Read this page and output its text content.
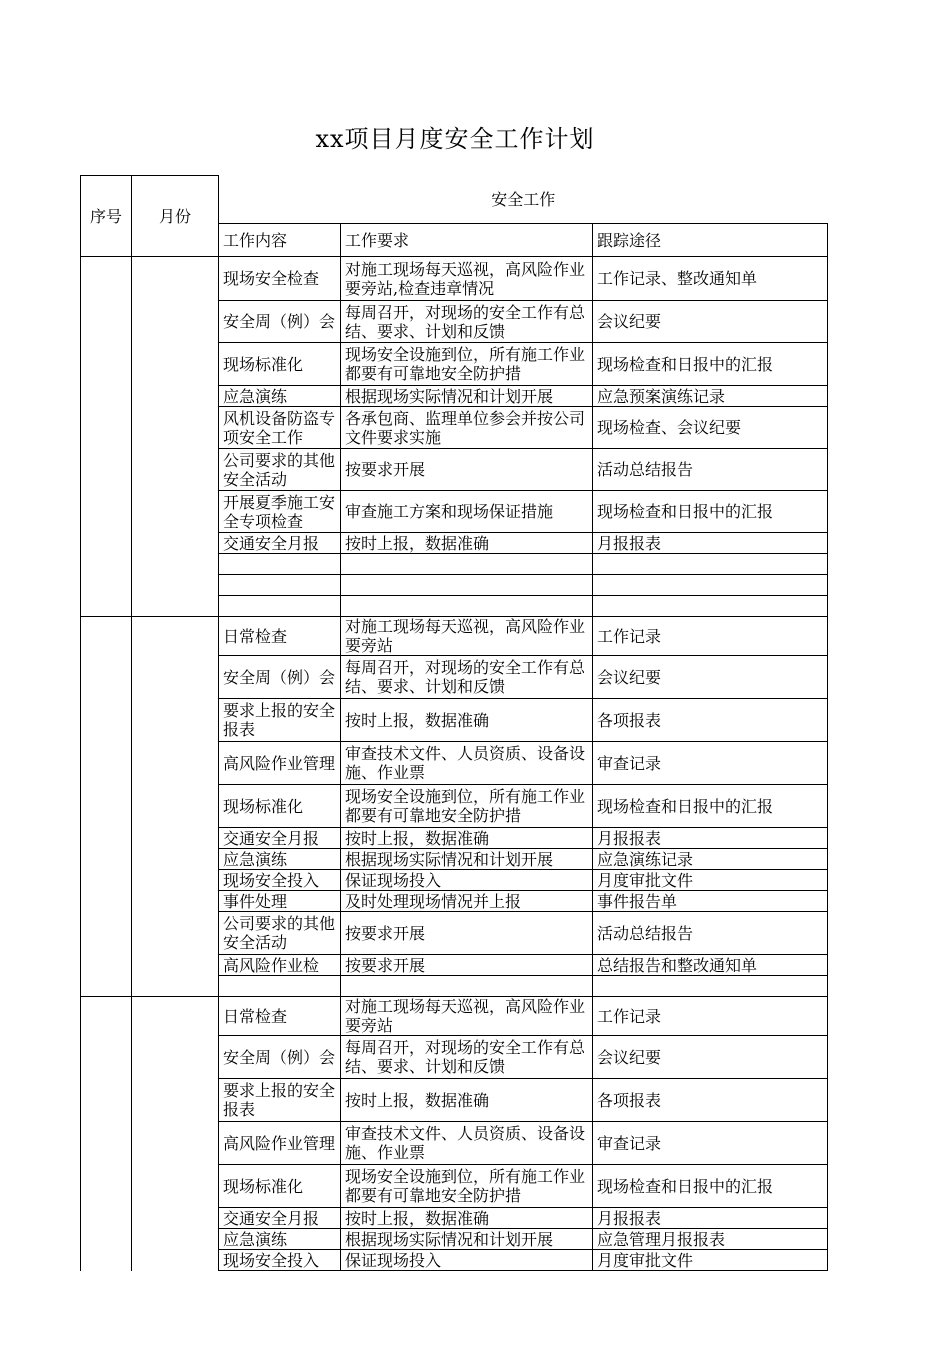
xx项目月度安全工作计划
序号	月份	安全工作		
		工作内容	工作要求	跟踪途径
		现场安全检查	对施工现场每天巡视，高风险作业要旁站,检查违章情况	工作记录、整改通知单
		安全周（例）会	每周召开，对现场的安全工作有总结、要求、计划和反馈	会议纪要
		现场标准化	现场安全设施到位，所有施工作业都要有可靠地安全防护措	现场检查和日报中的汇报
		应急演练	根据现场实际情况和计划开展	应急预案演练记录
		风机设备防盗专项安全工作	各承包商、监理单位参会并按公司文件要求实施	现场检查、会议纪要
		公司要求的其他安全活动	按要求开展	活动总结报告
		开展夏季施工安全专项检查	审查施工方案和现场保证措施	现场检查和日报中的汇报
		交通安全月报	按时上报，数据准确	月报报表

		日常检查	对施工现场每天巡视，高风险作业要旁站	工作记录
		安全周（例）会	每周召开，对现场的安全工作有总结、要求、计划和反馈	会议纪要
		要求上报的安全报表	按时上报，数据准确	各项报表
		高风险作业管理	审查技术文件、人员资质、设备设施、作业票	审查记录
		现场标准化	现场安全设施到位，所有施工作业都要有可靠地安全防护措	现场检查和日报中的汇报
		交通安全月报	按时上报，数据准确	月报报表
		应急演练	根据现场实际情况和计划开展	应急演练记录
		现场安全投入	保证现场投入	月度审批文件
		事件处理	及时处理现场情况并上报	事件报告单
		公司要求的其他安全活动	按要求开展	活动总结报告
		高风险作业检	按要求开展	总结报告和整改通知单

		日常检查	对施工现场每天巡视，高风险作业要旁站	工作记录
		安全周（例）会	每周召开，对现场的安全工作有总结、要求、计划和反馈	会议纪要
		要求上报的安全报表	按时上报，数据准确	各项报表
		高风险作业管理	审查技术文件、人员资质、设备设施、作业票	审查记录
		现场标准化	现场安全设施到位，所有施工作业都要有可靠地安全防护措	现场检查和日报中的汇报
		交通安全月报	按时上报，数据准确	月报报表
		应急演练	根据现场实际情况和计划开展	应急管理月报报表
		现场安全投入	保证现场投入	月度审批文件
